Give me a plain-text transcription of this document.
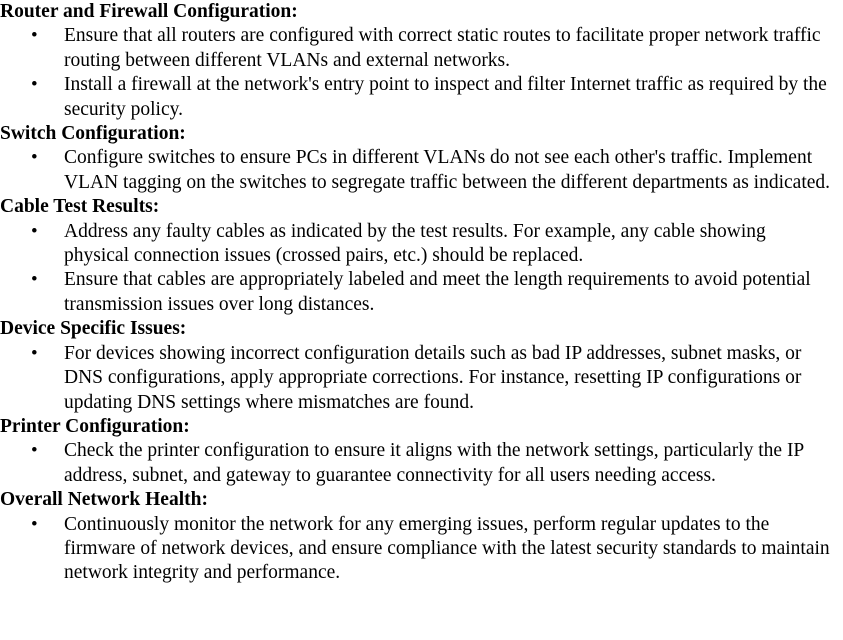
Router and Firewall Configuration:
• Ensure that all routers are configured with correct static routes to facilitate proper network traffic routing between different VLANs and external networks.
• Install a firewall at the network's entry point to inspect and filter Internet traffic as required by the security policy.
Switch Configuration:
• Configure switches to ensure PCs in different VLANs do not see each other's traffic. Implement VLAN tagging on the switches to segregate traffic between the different departments as indicated.
Cable Test Results:
• Address any faulty cables as indicated by the test results. For example, any cable showing physical connection issues (crossed pairs, etc.) should be replaced.
• Ensure that cables are appropriately labeled and meet the length requirements to avoid potential transmission issues over long distances.
Device Specific Issues:
• For devices showing incorrect configuration details such as bad IP addresses, subnet masks, or DNS configurations, apply appropriate corrections. For instance, resetting IP configurations or updating DNS settings where mismatches are found.
Printer Configuration:
• Check the printer configuration to ensure it aligns with the network settings, particularly the IP address, subnet, and gateway to guarantee connectivity for all users needing access.
Overall Network Health:
• Continuously monitor the network for any emerging issues, perform regular updates to the firmware of network devices, and ensure compliance with the latest security standards to maintain network integrity and performance.
